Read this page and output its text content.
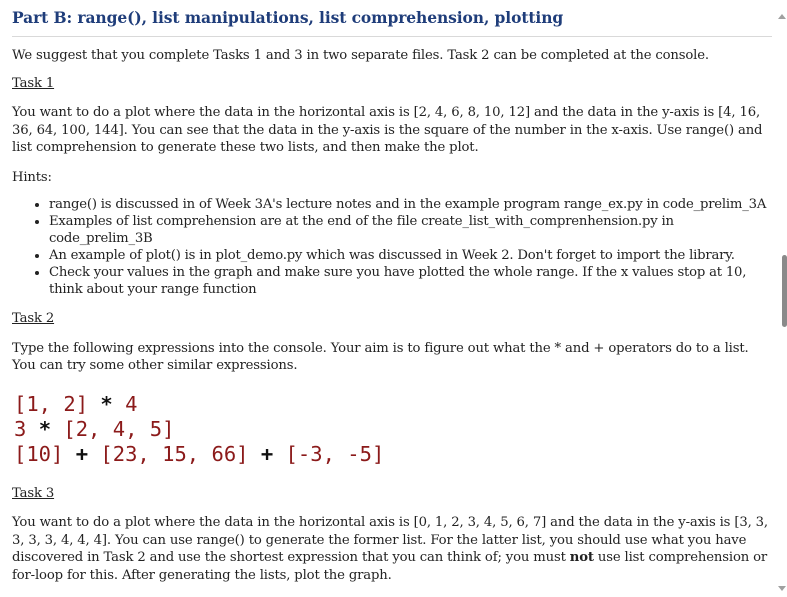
Part B: range(), list manipulations, list comprehension, plotting

We suggest that you complete Tasks 1 and 3 in two separate files. Task 2 can be completed at the console.

Task 1

You want to do a plot where the data in the horizontal axis is [2, 4, 6, 8, 10, 12] and the data in the y-axis is [4, 16, 36, 64, 100, 144]. You can see that the data in the y-axis is the square of the number in the x-axis. Use range() and list comprehension to generate these two lists, and then make the plot.

Hints:

• range() is discussed in of Week 3A's lecture notes and in the example program range_ex.py in code_prelim_3A
• Examples of list comprehension are at the end of the file create_list_with_comprenhension.py in code_prelim_3B
• An example of plot() is in plot_demo.py which was discussed in Week 2. Don't forget to import the library.
• Check your values in the graph and make sure you have plotted the whole range. If the x values stop at 10, think about your range function

Task 2

Type the following expressions into the console. Your aim is to figure out what the * and + operators do to a list. You can try some other similar expressions.

[1, 2] * 4
3 * [2, 4, 5]
[10] + [23, 15, 66] + [-3, -5]

Task 3

You want to do a plot where the data in the horizontal axis is [0, 1, 2, 3, 4, 5, 6, 7] and the data in the y-axis is [3, 3, 3, 3, 3, 4, 4, 4]. You can use range() to generate the former list. For the latter list, you should use what you have discovered in Task 2 and use the shortest expression that you can think of; you must not use list comprehension or for-loop for this. After generating the lists, plot the graph.
